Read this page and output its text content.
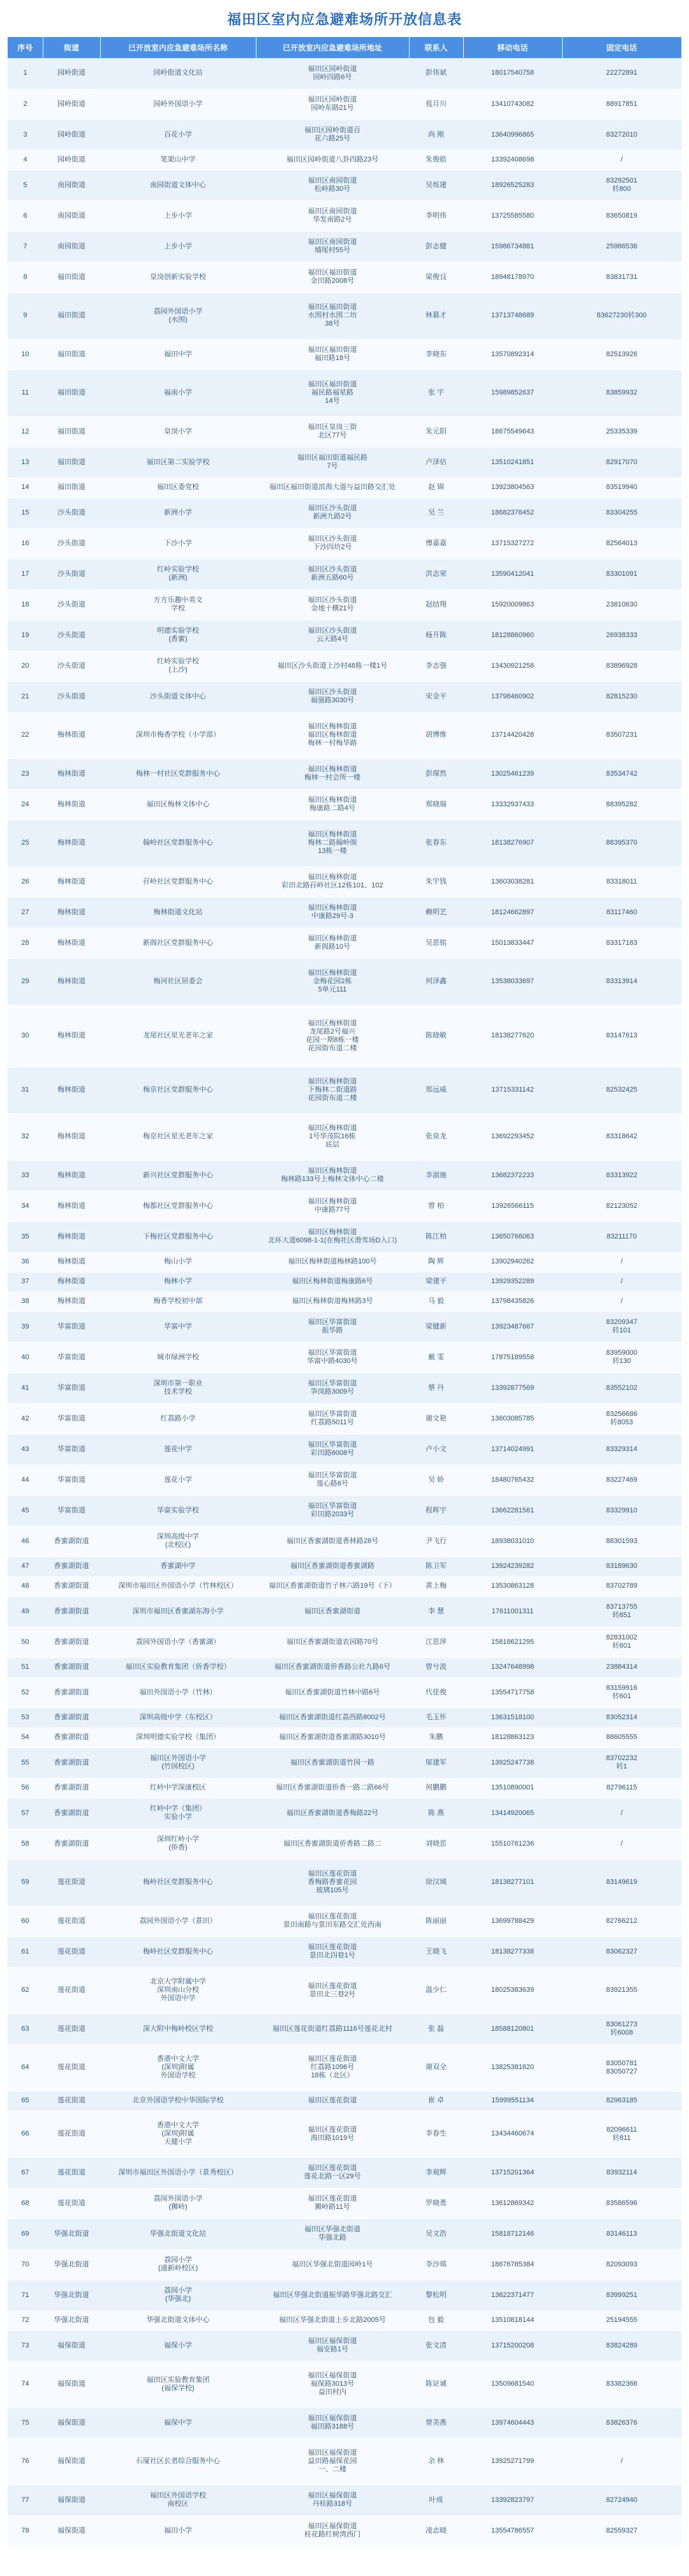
福田区室内应急避难场所开放信息表
序号	街道	已开放室内应急避难场所名称	已开放室内应急避难场所地址	联系人	移动电话	固定电话
1	园岭街道	园岭街道文化站	福田区园岭街道
园岭四路6号	彭伟斌	18017540758	22272891
2	园岭街道	园岭外国语小学	福田区园岭街道
园岭东路21号	苞月川	13410743082	88917851
3	园岭街道	百花小学	福田区园岭街道百
花六路25号	尚 刚	13640996865	83272010
4	园岭街道	笔架山中学	福田区园岭街道八卦四路23号	朱俊皓	13392408698	/
5	南园街道	南园街道文体中心	福田区南园街道
松岭路30号	吴烁建	18926525283	83292501
转800
6	南园街道	上步小学	福田区南园街道
华发南路2号	李明伟	13725585580	83650819
7	南园街道	上步小学	福田区南园街道
埔尾村55号	彭志健	15986734881	25986536
8	福田街道	皇岗创新实验学校	福田区福田街道
金田路2008号	梁俊良	18948178970	83831731
9	福田街道	荔园外国语小学
(水围)	福田区福田街道
水围村水围二坊
38号	林篡才	13713748689	83627230转300
10	福田街道	福田中学	福田区福田街道
福田路18号	李晓东	13570892314	82513926
11	福田街道	福南小学	福田区福田街道
福民路福星路
14号	张 宇	15989852637	83859932
12	福田街道	皇岗小学	福田区皇岗三街
北区77号	朱元阳	18675549643	25335339
13	福田街道	福田区第二实验学校	福田区福田街道福民路
7号	卢泽估	13510241851	82917070
14	福田街道	福田区委党校	福田区福田街道滨海大道与益田路交汇处	赵 锦	13923804563	83519940
15	沙头街道	新洲小学	福田区沙头街道
新洲九路2号	吴 兰	18682378452	83304255
16	沙头街道	下沙小学	福田区沙头街道
下沙四坊2号	傅嘉嘉	13715327272	82564013
17	沙头街道	红岭实验学校
(新洲)	福田区沙头街道
新洲五路60号	洪志荣	13590412041	83301091
18	沙头街道	方方乐趣中英文
学校	福田区沙头街道
金地十横21号	赵结翔	15920009863	23810630
19	沙头街道	明德实验学校
(香蜜)	福田区沙头街道
云天路4号	杨开陈	18128860960	26938333
20	沙头街道	红岭实验学校
(上沙)	福田区沙头街道上沙村48栋一楼1号	李志强	13430921258	83896928
21	沙头街道	沙头街道文体中心	福田区沙头街道
福强路3030号	宋金平	13798460902	82815230
22	梅林街道	深圳市梅香学校（小学部）	福田区梅林街道
福田区梅林街道
梅林一村梅华路	胡博维	13714420428	83507231
23	梅林街道	梅林一村社区党群服务中心	福田区梅林街道
梅林一村会所一楼	彭琛然	13025461239	83534742
24	梅林街道	福田区梅林文体中心	福田区梅林街道
梅康路二路4号	郑晓瑞	13332937433	88395282
25	梅林街道	翰岭社区党群服务中心	福田区梅林街道
梅林二路翰岭阁
13栋一楼	张春东	18138276907	88395370
26	梅林街道	孖岭社区党群服务中心	福田区梅林街道
彩田北路孖岭社区12栋101、102	朱宇钱	13603038281	83318011
27	梅林街道	梅林街道文化站	福田区梅林街道
中康路29号-3	赖明艺	18124662897	83117460
28	梅林街道	新阁社区党群服务中心	福田区梅林街道
新阁路10号	吴思铭	15013833447	83317183
29	梅林街道	梅河社区居委会	福田区梅林街道
金梅花园2栋
5单元111	何泽鑫	13538033697	83313914
30	梅林街道	龙尾社区星光老年之家	福田区梅林街道
龙尾路2号福兴
花园一期8栋一楼
花园街布道二楼	陈晓敏	18138277620	83147613
31	梅林街道	梅京社区党群服务中心	福田区梅林街道
下梅林二街道路
花园街布道二楼	郑远威	13715331142	82532425
32	梅林街道	梅京社区星光老年之家	福田区梅林街道
1号华茂院16栋
底层	张泉龙	13692293452	83318642
33	梅林街道	新兴社区党群服务中心	福田区梅林街道
梅林路133号上梅林文体中心二楼	李淑施	13682372233	83313922
34	梅林街道	梅都社区党群服务中心	福田区梅林街道
中康路77号	曾 柏	13926566115	82123052
35	梅林街道	下梅社区党群服务中心	福田区梅林街道
北环大道6098-1-1(在梅社区滑雪场D入口)	陈江柏	13650766063	83211170
36	梅林街道	梅山小学	福田区梅林街道梅林路100号	陶 辉	13902940262	/
37	梅林街道	梅林小学	福田区梅林街道梅康路6号	梁建平	13929352289	/
38	梅林街道	梅香学校初中部	福田区梅林街道梅林路3号	马 毅	13798435826	/
39	华富街道	华富中学	福田区华富街道
振华路	梁健新	13923487667	83209347
转101
40	华富街道	城市绿洲学校	福田区华富街道
华富中路4030号	戴 雯	17875189558	83959000
转130
41	华富街道	深圳市第一职业
技术学校	福田区华富街道
笋岗路3009号	蔡 丹	13392877569	83552102
42	华富街道	红荔路小学	福田区华富街道
红荔路5011号	谢文艳	13603085785	83256686
转8053
43	华富街道	莲花中学	福田区华富街道
彩田路6008号	卢小文	13714024991	83329314
44	华富街道	莲花小学	福田区华富街道
莲心路6号	吴 娇	18480765432	83227469
45	华富街道	华富实验学校	福田区华富街道
彩田路2033号	程晖宇	13662281561	83329910
46	香蜜湖街道	深圳高级中学
(北校区)	福田区香蜜湖街道香林路28号	尹飞行	18938031010	88301593
47	香蜜湖街道	香蜜湖中学	福田区香蜜湖街道香蜜湖路	陈卫军	13924239282	83189630
48	香蜜湖街道	深圳市福田区外国语小学（竹林校区）	福田区香蜜湖街道竹子林六路19号（下）	黄上梅	13530863128	83702789
49	香蜜湖街道	深圳市福田区香蜜湖东海小学	福田区香蜜湖街道	李 慧	17611001311	83713755
转851
50	香蜜湖街道	荔园外国语小学（香蜜湖）	福田区香蜜湖街道农园路70号	江思萍	15818621295	82831002
转601
51	香蜜湖街道	福田区实验教育集团（侨香学校）	福田区香蜜湖街道侨香路公社九路6号	曾兮波	13247648998	23884314
52	香蜜湖街道	福田外国语小学（竹林）	福田区香蜜湖街道竹林中路6号	代佳俊	13554717758	83159916
转601
53	香蜜湖街道	深圳高级中学（东校区）	福田区香蜜湖街道红荔西路8002号	毛玉怀	13631518100	83052314
54	香蜜湖街道	深圳明德实验学校（集团）	福田区香蜜湖街道香蜜湖路3010号	朱鹏	18128863123	88605555
55	香蜜湖街道	福田区外国语小学
(竹园校区)	福田区香蜜湖街道竹园一路	邬建军	13925247738	83702232
转1
56	香蜜湖街道	红岭中学深康校区	福田区香蜜湖街道侨香一路二路66号	何鹏鹏	13510890001	82796115
57	香蜜湖街道	红岭中学（集团）
实验小学	福田区香蜜湖街道香梅路22号	陈 燕	13414920065	/
58	香蜜湖街道	深圳红岭小学
(侨香)	福田区香蜜湖街道侨香路二路二	刘晓思	15510761236	/
59	莲花街道	梅岭社区党群服务中心	福田区莲花街道
香梅路香蜜花园
玻璃105号	徐汉城	18138277101	83149619
60	莲花街道	荔园外国语小学（景田）	福田区莲花街道
景田南路与景田东路交汇处西南	陈丽丽	13699788429	82766212
61	莲花街道	梅岭社区党群服务中心	福田区莲花街道
景田北四巷1号	王晓飞	18138277338	83062327
62	莲花街道	北京大学附属中学
深圳南山分校
外国语中学	福田区莲花街道
景田北三巷2号	温少仁	18025383639	83921355
63	莲花街道	深大附中梅岭校区学校	福田区莲花街道红荔路1116号莲花北村	张 磊	18588120801	83061273
转6008
64	莲花街道	香港中文大学
(深圳)附属
外国语学校	福田区莲花街道
红荔路1096号
18栋（北区）	谢双全	13825381620	83050781
83050727
65	莲花街道	北京外国语学校中华国际学校	福田区莲花街道	崔 卓	15999551134	82963185
66	莲花街道	香港中文大学
(深圳)附属
天健小学	福田区莲花街道
海田路1019号	李春生	13434460674	82096611
转811
67	莲花街道	深圳市福田区外国语小学（景秀校区）	福田区莲花街道
莲花北路一区29号	李观辉	13715201364	83932114
68	莲花街道	荔园外国语小学
(狮岭)	福田区莲花街道
狮岭路11号	罗晓勇	13612869342	83586596
69	华强北街道	华强北街道文化站	福田区华强北街道
华强北路	吴文浩	15818712146	83146113
70	华强北街道	荔园小学
(通新岭校区)	福田区华强北街道园岭1号	李沙琪	18676785384	82093093
71	华强北街道	荔园小学
(华强北)	福田区华强北街道振华路华强北路交汇	黎松明	13622371477	83999251
72	华强北街道	华强北街道文体中心	福田区华强北街道上步北路2005号	包 毅	13510818144	25194555
73	福保街道	福保小学	福田区福保街道
福安路1号	张文清	13715200208	83824289
74	福保街道	福田区实验教育集团
(福保学校)	福田区福保街道
福保路3013号
益田村内	陈证诚	13509681540	83382366
75	福保街道	福保中学	福田区福保街道
福田路3188号	曾美燕	13974604443	83826376
76	福保街道	石厦社区长者综合服务中心	福田区福保街道
益田路福保花园
一、二楼	余 林	13925271799	/
77	福保街道	福田区外国语学校
南校区	福田区福保街道
丹桂路318号	叶成	13392823797	82724940
78	福保街道	福田小学	福田区福保街道
桂花路红树湾西门	凌志晓	13554786557	82559327
